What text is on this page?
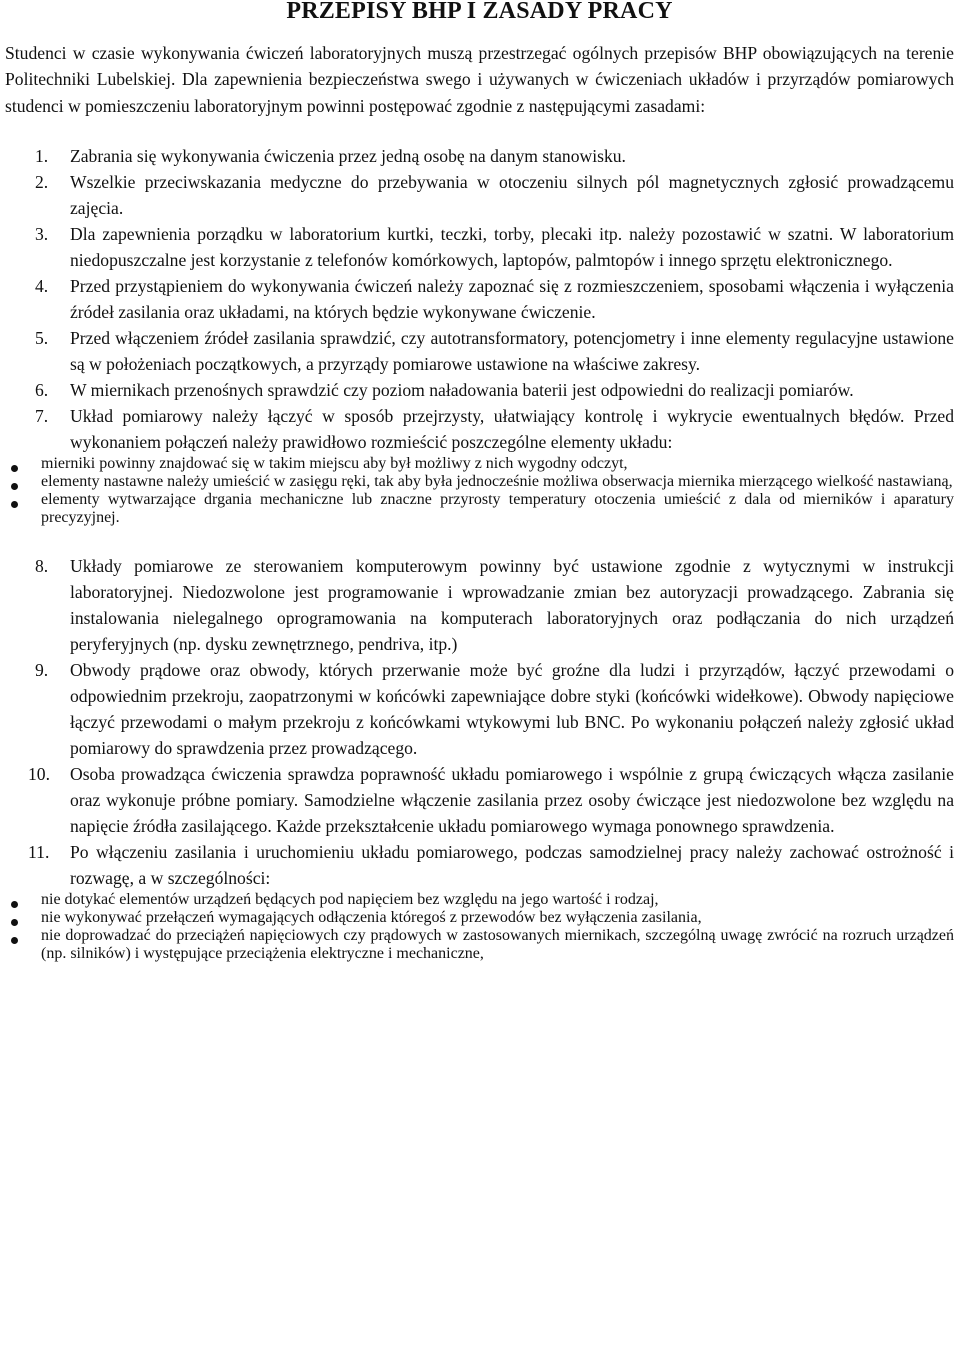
PRZEPISY BHP I ZASADY PRACY

Studenci w czasie wykonywania ćwiczeń laboratoryjnych muszą przestrzegać ogólnych przepisów BHP obowiązujących na terenie Politechniki Lubelskiej. Dla zapewnienia bezpieczeństwa swego i używanych w ćwiczeniach układów i przyrządów pomiarowych studenci w pomieszczeniu laboratoryjnym powinni postępować zgodnie z następującymi zasadami:

1. Zabrania się wykonywania ćwiczenia przez jedną osobę na danym stanowisku.
2. Wszelkie przeciwskazania medyczne do przebywania w otoczeniu silnych pól magnetycznych zgłosić prowadzącemu zajęcia.
3. Dla zapewnienia porządku w laboratorium kurtki, teczki, torby, plecaki itp. należy pozostawić w szatni. W laboratorium niedopuszczalne jest korzystanie z telefonów komórkowych, laptopów, palmtopów i innego sprzętu elektronicznego.
4. Przed przystąpieniem do wykonywania ćwiczeń należy zapoznać się z rozmieszczeniem, sposobami włączenia i wyłączenia źródeł zasilania oraz układami, na których będzie wykonywane ćwiczenie.
5. Przed włączeniem źródeł zasilania sprawdzić, czy autotransformatory, potencjometry i inne elementy regulacyjne ustawione są w położeniach początkowych, a przyrządy pomiarowe ustawione na właściwe zakresy.
6. W miernikach przenośnych sprawdzić czy poziom naładowania baterii jest odpowiedni do realizacji pomiarów.
7. Układ pomiarowy należy łączyć w sposób przejrzysty, ułatwiający kontrolę i wykrycie ewentualnych błędów. Przed wykonaniem połączeń należy prawidłowo rozmieścić poszczególne elementy układu:
mierniki powinny znajdować się w takim miejscu aby był możliwy z nich wygodny odczyt,
elementy nastawne należy umieścić w zasięgu ręki, tak aby była jednocześnie możliwa obserwacja miernika mierzącego wielkość nastawianą,
elementy wytwarzające drgania mechaniczne lub znaczne przyrosty temperatury otoczenia umieścić z dala od mierników i aparatury precyzyjnej.
8. Układy pomiarowe ze sterowaniem komputerowym powinny być ustawione zgodnie z wytycznymi w instrukcji laboratoryjnej. Niedozwolone jest programowanie i wprowadzanie zmian bez autoryzacji prowadzącego. Zabrania się instalowania nielegalnego oprogramowania na komputerach laboratoryjnych oraz podłączania do nich urządzeń peryferyjnych (np. dysku zewnętrznego, pendriva, itp.)
9. Obwody prądowe oraz obwody, których przerwanie może być groźne dla ludzi i przyrządów, łączyć przewodami o odpowiednim przekroju, zaopatrzonymi w końcówki zapewniające dobre styki (końcówki widełkowe). Obwody napięciowe łączyć przewodami o małym przekroju z końcówkami wtykowymi lub BNC. Po wykonaniu połączeń należy zgłosić układ pomiarowy do sprawdzenia przez prowadzącego.
10. Osoba prowadząca ćwiczenia sprawdza poprawność układu pomiarowego i wspólnie z grupą ćwiczących włącza zasilanie oraz wykonuje próbne pomiary. Samodzielne włączenie zasilania przez osoby ćwiczące jest niedozwolone bez względu na napięcie źródła zasilającego. Każde przekształcenie układu pomiarowego wymaga ponownego sprawdzenia.
11. Po włączeniu zasilania i uruchomieniu układu pomiarowego, podczas samodzielnej pracy należy zachować ostrożność i rozwagę, a w szczególności:
nie dotykać elementów urządzeń będących pod napięciem bez względu na jego wartość i rodzaj,
nie wykonywać przełączeń wymagających odłączenia któregoś z przewodów bez wyłączenia zasilania,
nie doprowadzać do przeciążeń napięciowych czy prądowych w zastosowanych miernikach, szczególną uwagę zwrócić na rozruch urządzeń (np. silników) i występujące przeciążenia elektryczne i mechaniczne,
